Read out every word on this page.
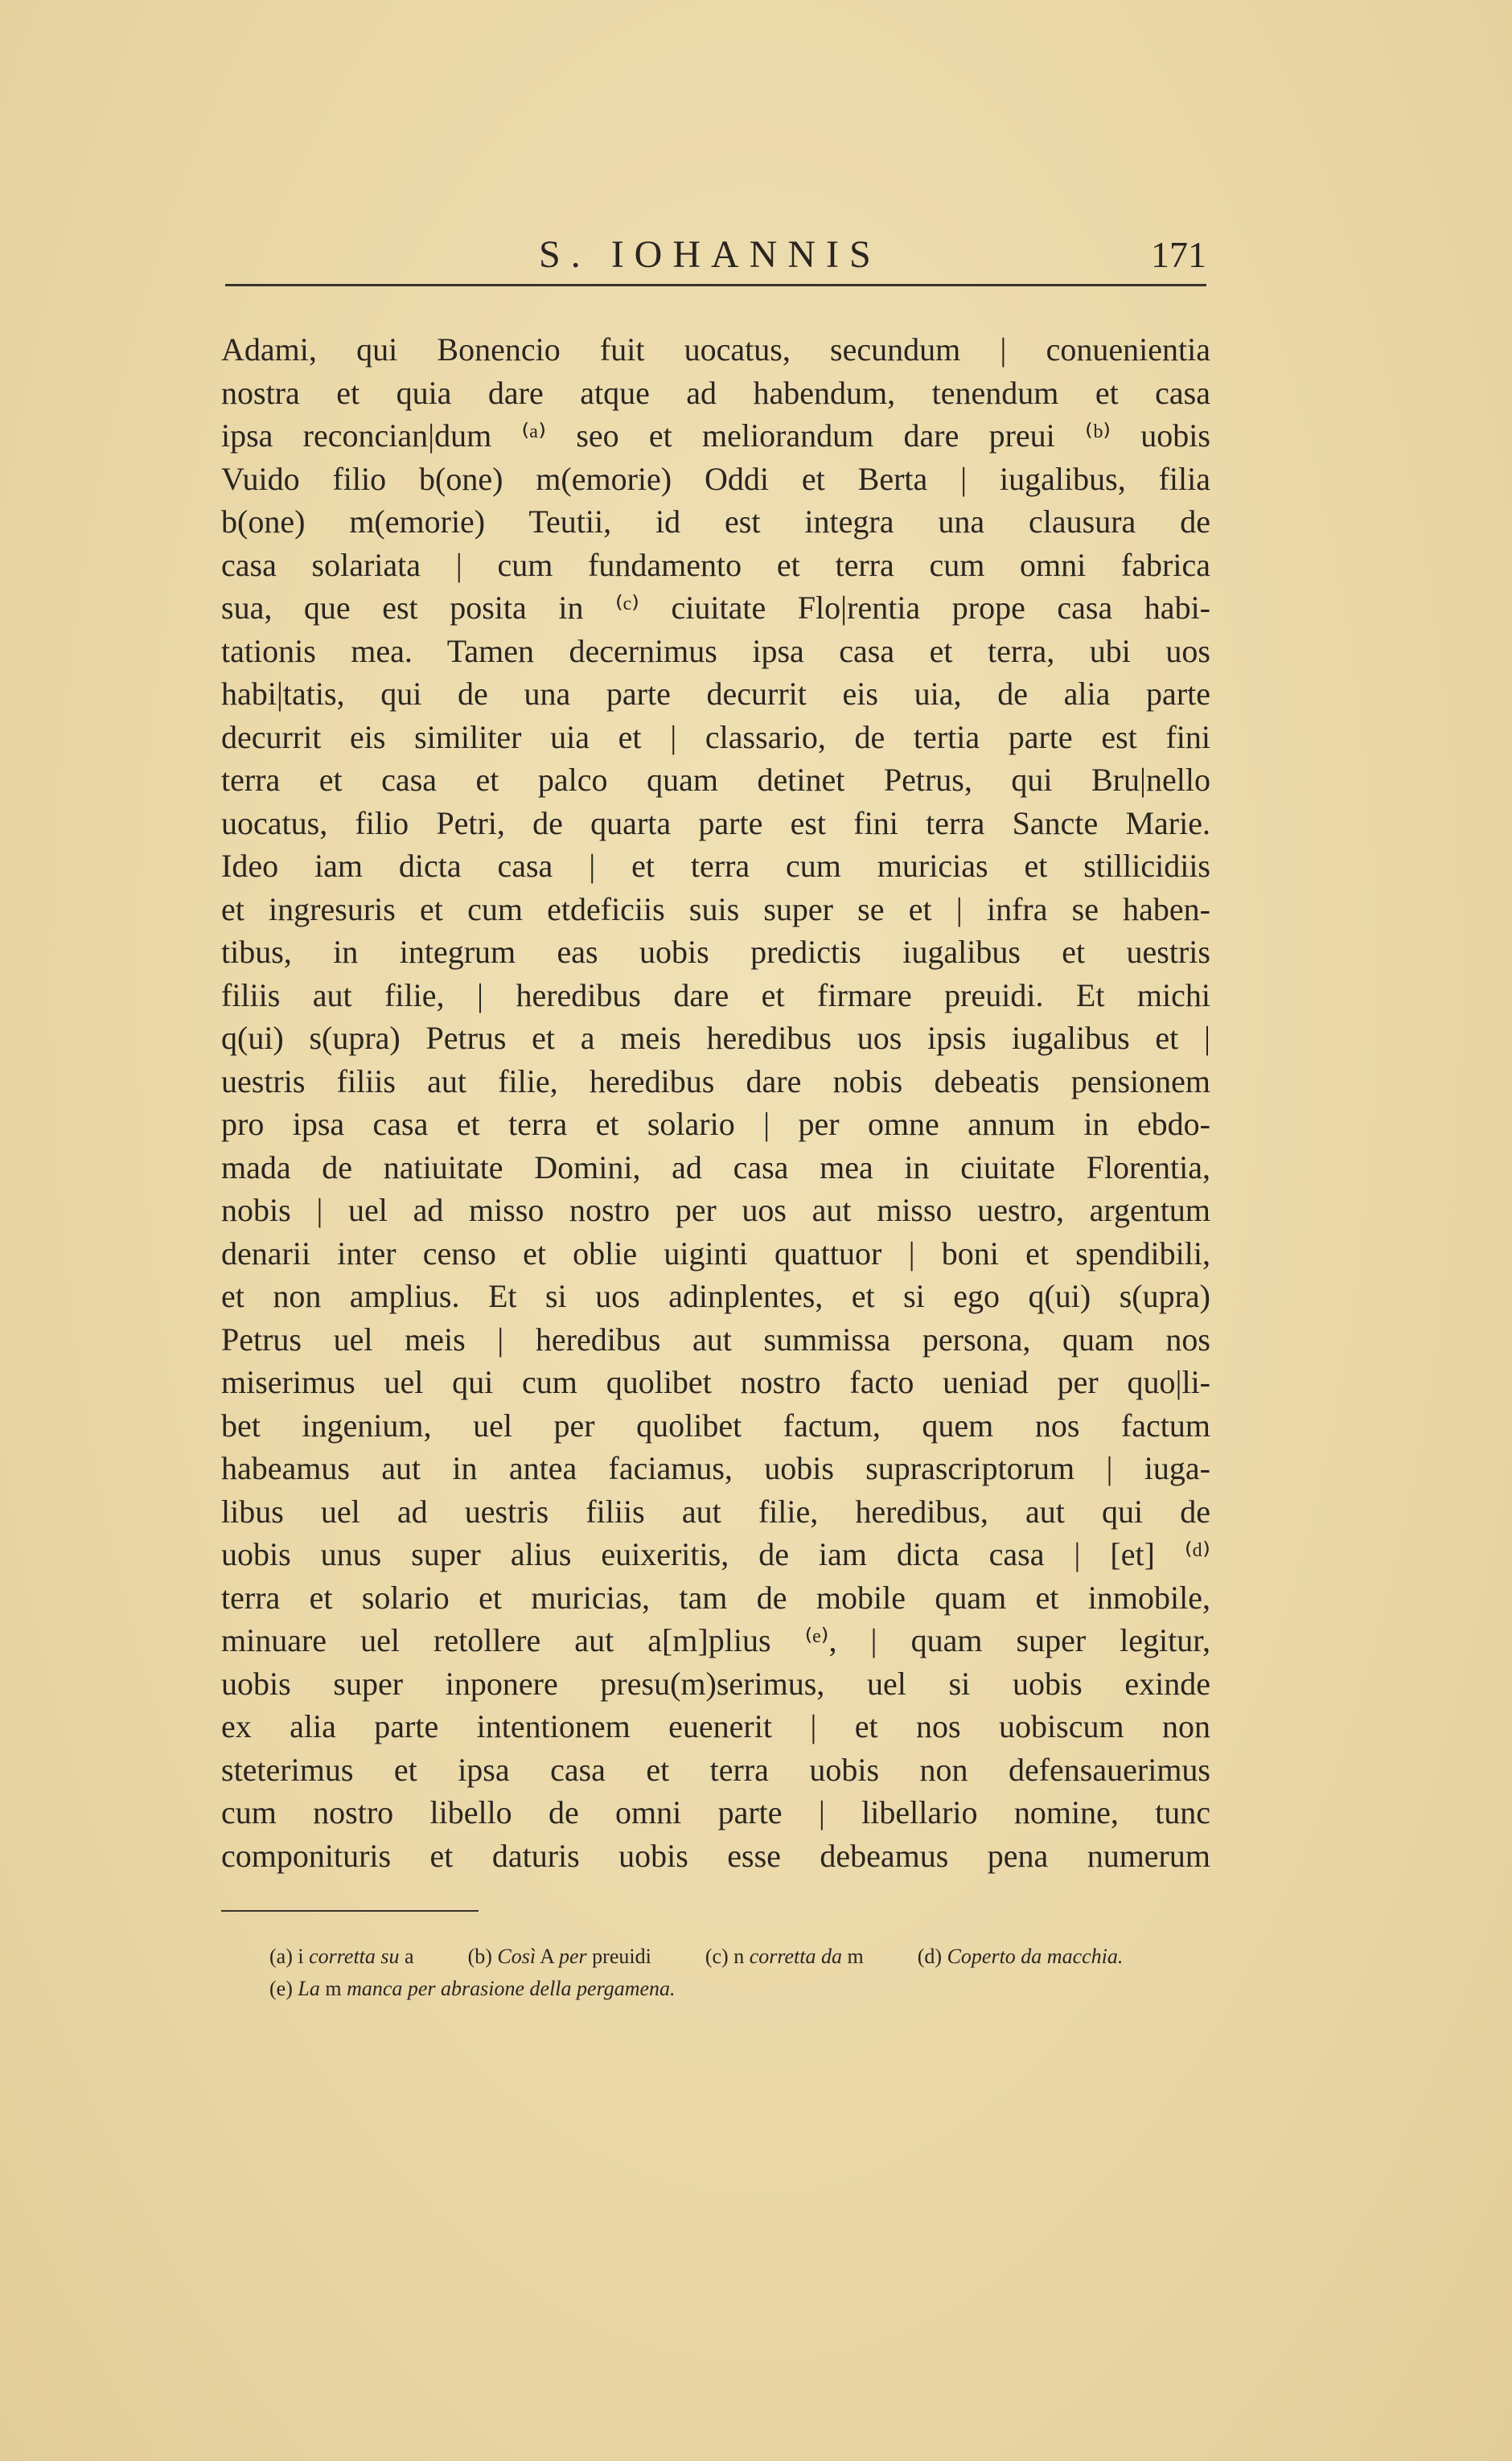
S. IOHANNIS	171
Adami, qui Bonencio fuit uocatus, secundum | conuenientia
nostra et quia dare atque ad habendum, tenendum et casa
ipsa reconcian|dum ⁽ᵃ⁾ seo et meliorandum dare preui ⁽ᵇ⁾ uobis
Vuido filio b(one) m(emorie) Oddi et Berta | iugalibus, filia
b(one) m(emorie) Teutii, id est integra una clausura de
casa solariata | cum fundamento et terra cum omni fabrica
sua, que est posita in ⁽ᶜ⁾ ciuitate Flo|rentia prope casa habi-
tationis mea. Tamen decernimus ipsa casa et terra, ubi uos
habi|tatis, qui de una parte decurrit eis uia, de alia parte
decurrit eis similiter uia et | classario, de tertia parte est fini
terra et casa et palco quam detinet Petrus, qui Bru|nello
uocatus, filio Petri, de quarta parte est fini terra Sancte Marie.
Ideo iam dicta casa | et terra cum muricias et stillicidiis
et ingresuris et cum etdeficiis suis super se et | infra se haben-
tibus, in integrum eas uobis predictis iugalibus et uestris
filiis aut filie, | heredibus dare et firmare preuidi. Et michi
q(ui) s(upra) Petrus et a meis heredibus uos ipsis iugalibus et |
uestris filiis aut filie, heredibus dare nobis debeatis pensionem
pro ipsa casa et terra et solario | per omne annum in ebdo-
mada de natiuitate Domini, ad casa mea in ciuitate Florentia,
nobis | uel ad misso nostro per uos aut misso uestro, argentum
denarii inter censo et oblie uiginti quattuor | boni et spendibili,
et non amplius. Et si uos adinplentes, et si ego q(ui) s(upra)
Petrus uel meis | heredibus aut summissa persona, quam nos
miserimus uel qui cum quolibet nostro facto ueniad per quo|li-
bet ingenium, uel per quolibet factum, quem nos factum
habeamus aut in antea faciamus, uobis suprascriptorum | iuga-
libus uel ad uestris filiis aut filie, heredibus, aut qui de
uobis unus super alius euixeritis, de iam dicta casa | [et] ⁽ᵈ⁾
terra et solario et muricias, tam de mobile quam et inmobile,
minuare uel retollere aut a[m]plius ⁽ᵉ⁾, | quam super legitur,
uobis super inponere presu(m)serimus, uel si uobis exinde
ex alia parte intentionem euenerit | et nos uobiscum non
steterimus et ipsa casa et terra uobis non defensauerimus
cum nostro libello de omni parte | libellario nomine, tunc
componituris et daturis uobis esse debeamus pena numerum
(a) i corretta su a	(b) Così A per preuidi	(c) n corretta da m	(d) Coperto da macchia.
(e) La m manca per abrasione della pergamena.
